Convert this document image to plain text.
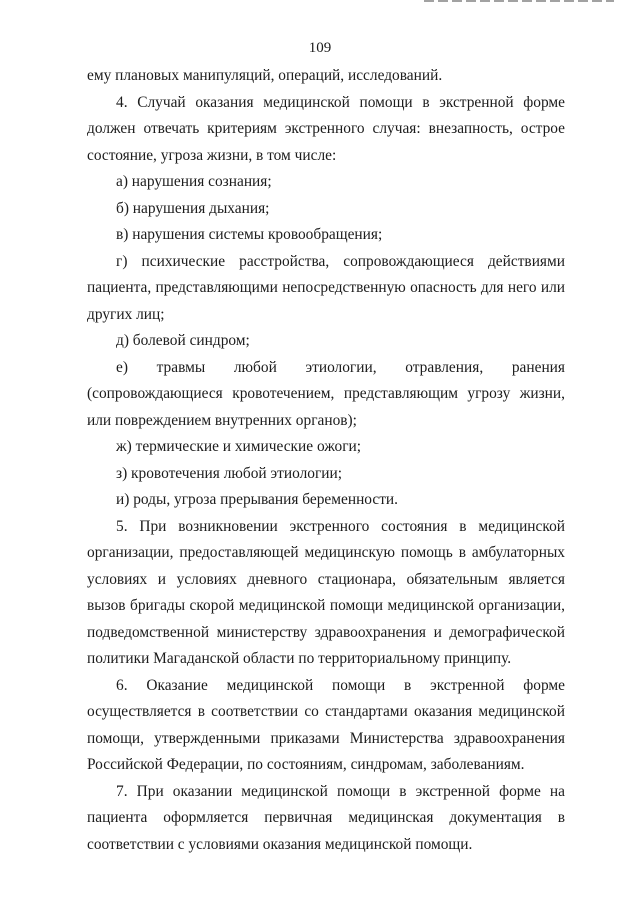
109

ему плановых манипуляций, операций, исследований.

4. Случай оказания медицинской помощи в экстренной форме должен отвечать критериям экстренного случая: внезапность, острое состояние, угроза жизни, в том числе:

а) нарушения сознания;

б) нарушения дыхания;

в) нарушения системы кровообращения;

г) психические расстройства, сопровождающиеся действиями пациента, представляющими непосредственную опасность для него или других лиц;

д) болевой синдром;

е) травмы любой этиологии, отравления, ранения (сопровождающиеся кровотечением, представляющим угрозу жизни, или повреждением внутренних органов);

ж) термические и химические ожоги;

з) кровотечения любой этиологии;

и) роды, угроза прерывания беременности.

5. При возникновении экстренного состояния в медицинской организации, предоставляющей медицинскую помощь в амбулаторных условиях и условиях дневного стационара, обязательным является вызов бригады скорой медицинской помощи медицинской организации, подведомственной министерству здравоохранения и демографической политики Магаданской области по территориальному принципу.

6. Оказание медицинской помощи в экстренной форме осуществляется в соответствии со стандартами оказания медицинской помощи, утвержденными приказами Министерства здравоохранения Российской Федерации, по состояниям, синдромам, заболеваниям.

7. При оказании медицинской помощи в экстренной форме на пациента оформляется первичная медицинская документация в соответствии с условиями оказания медицинской помощи.
